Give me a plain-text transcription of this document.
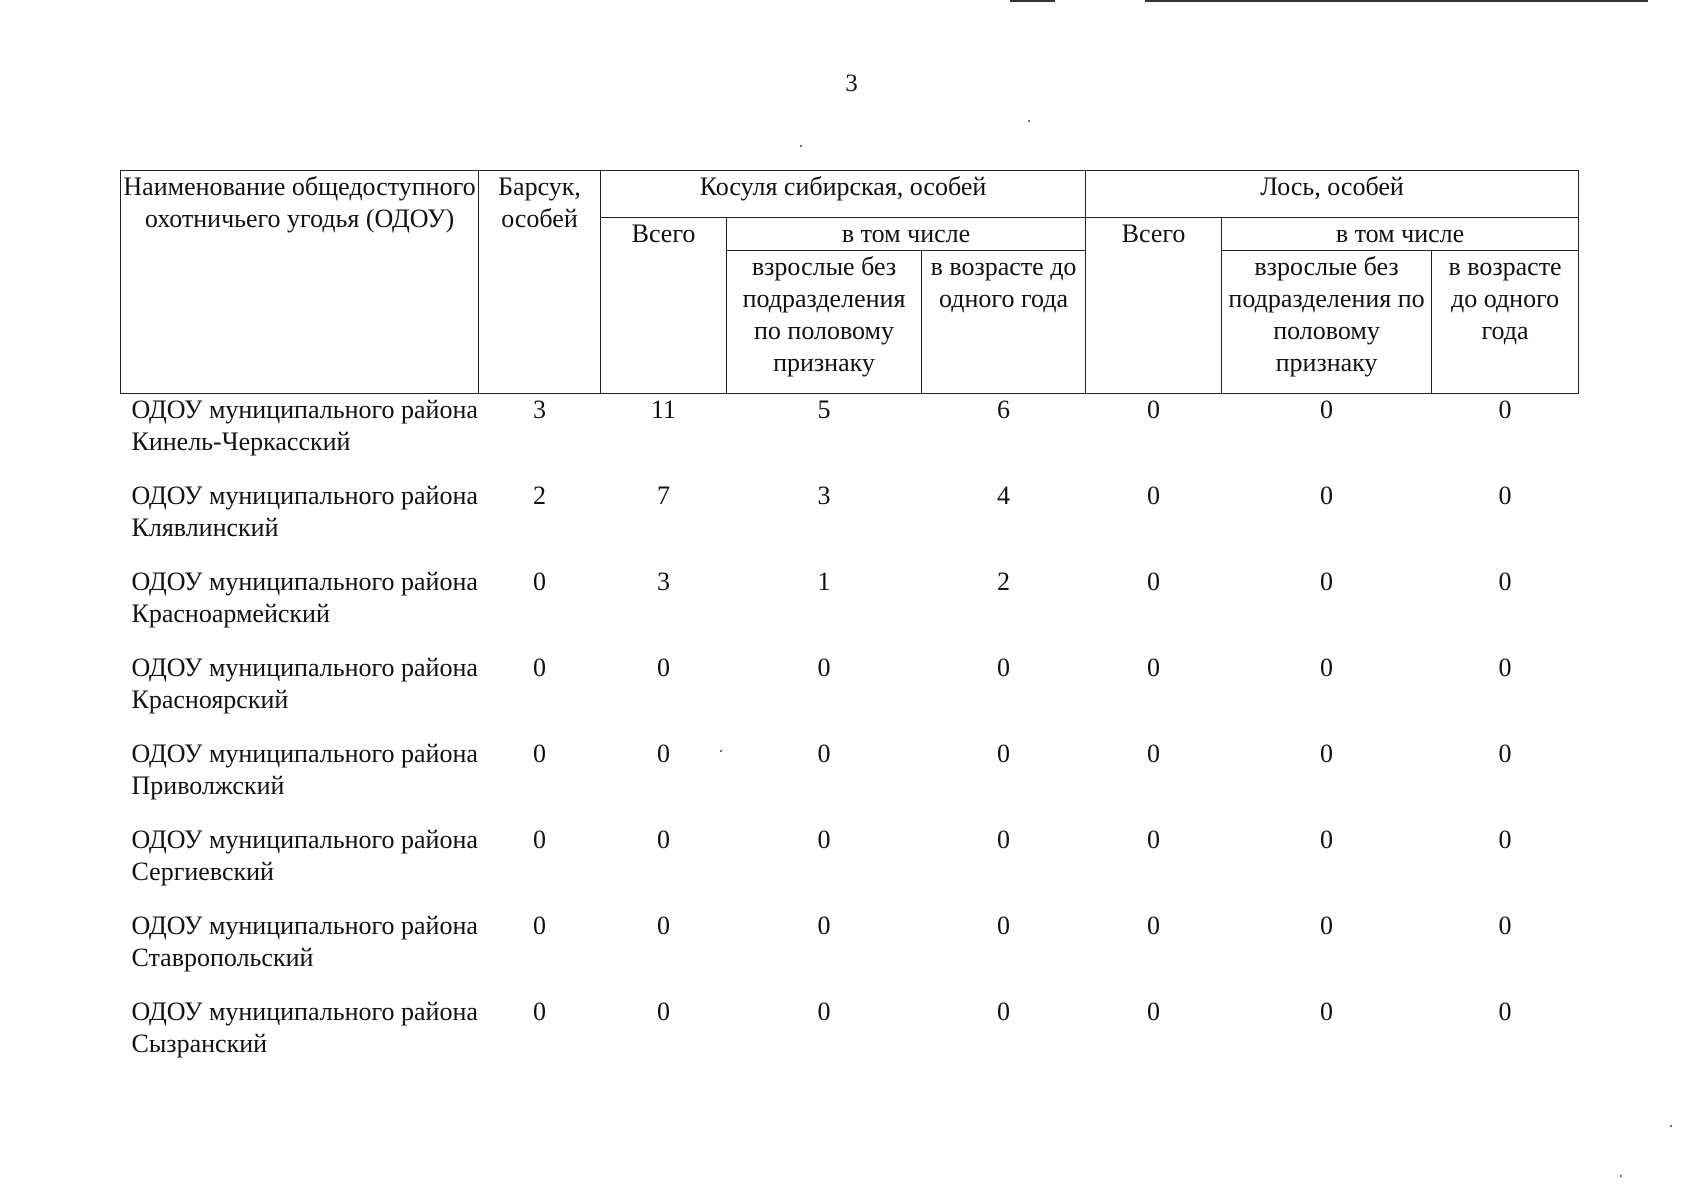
3
Наименование общедоступного охотничьего угодья (ОДОУ)	Барсук, особей	Косуля сибирская, особей			Лось, особей		
		Всего	в том числе		Всего	в том числе	
			взрослые без подразделения по половому признаку	в возрасте до одного года		взрослые без подразделения по половому признаку	в возрасте до одного года
ОДОУ муниципального района Кинель-Черкасский	3	11	5	6	0	0	0
ОДОУ муниципального района Клявлинский	2	7	3	4	0	0	0
ОДОУ муниципального района Красноармейский	0	3	1	2	0	0	0
ОДОУ муниципального района Красноярский	0	0	0	0	0	0	0
ОДОУ муниципального района Приволжский	0	0	0	0	0	0	0
ОДОУ муниципального района Сергиевский	0	0	0	0	0	0	0
ОДОУ муниципального района Ставропольский	0	0	0	0	0	0	0
ОДОУ муниципального района Сызранский	0	0	0	0	0	0	0
